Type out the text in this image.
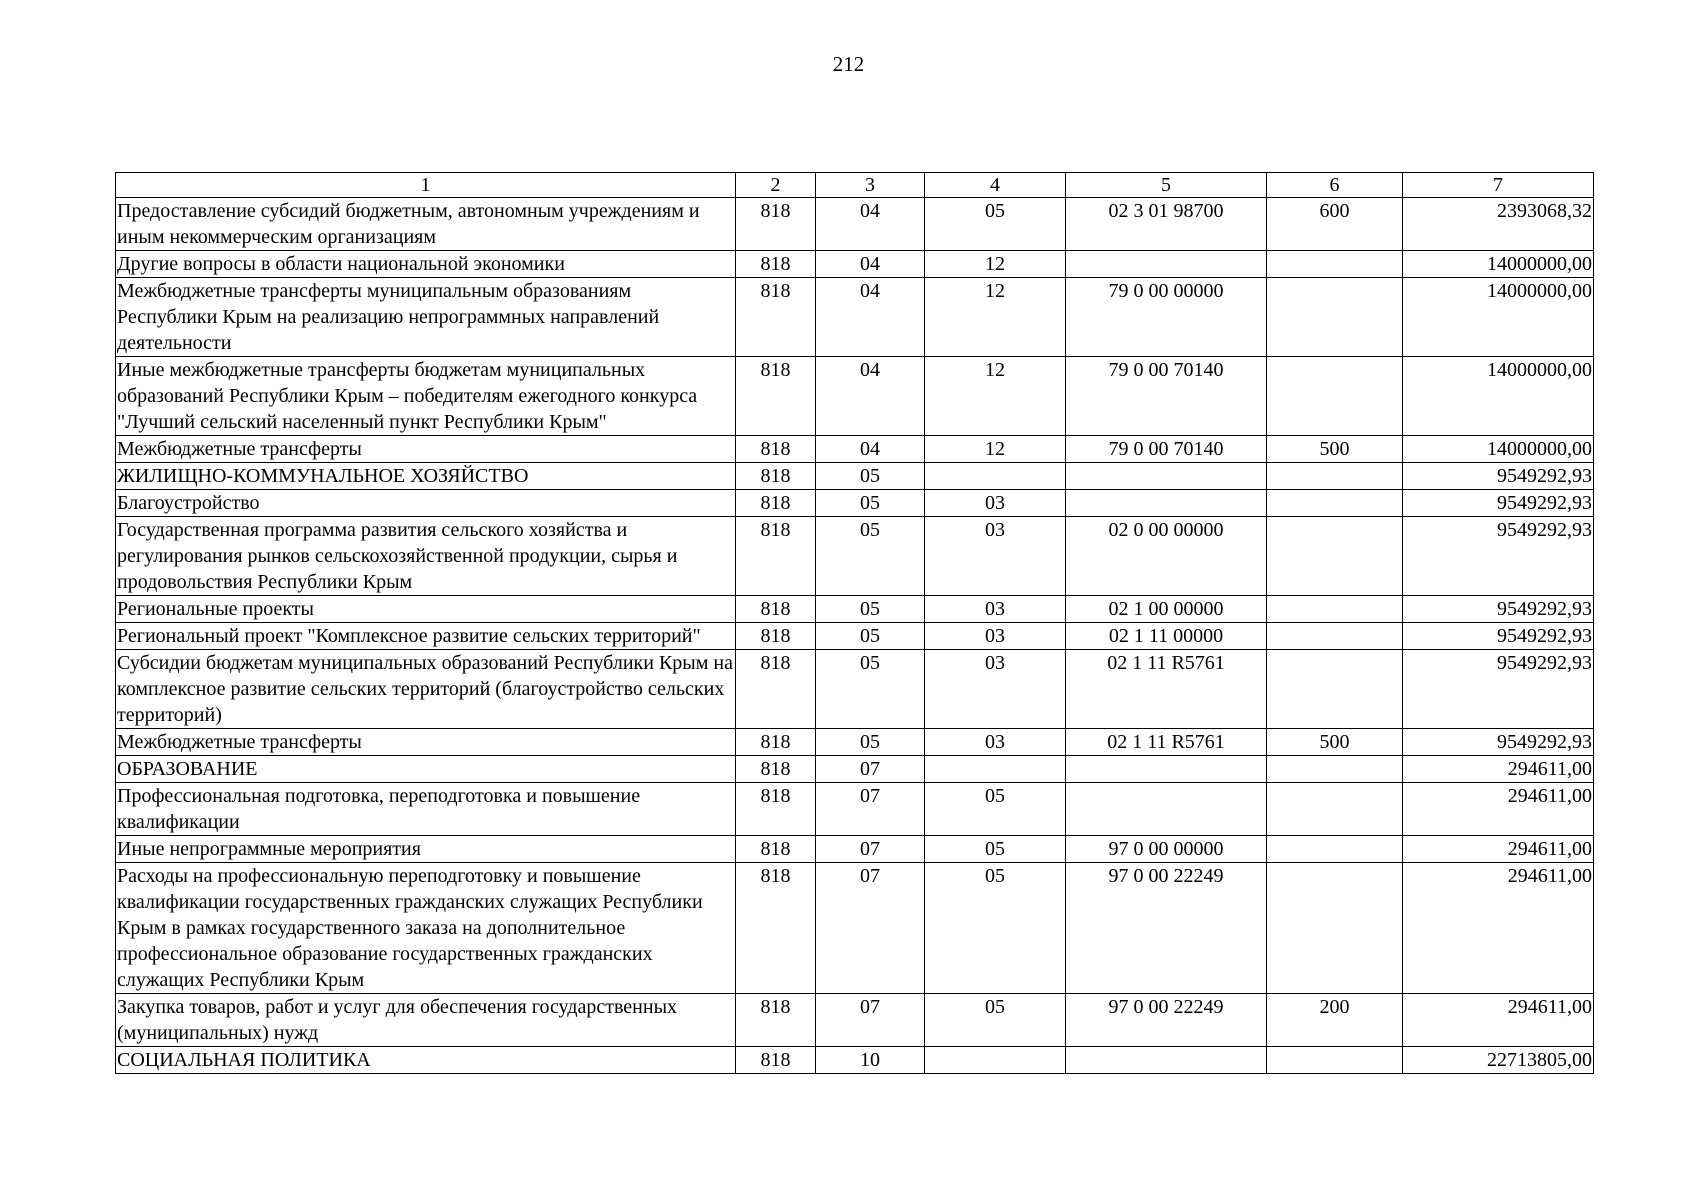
212
1	2	3	4	5	6	7
Предоставление субсидий бюджетным, автономным учреждениям и иным некоммерческим организациям	818	04	05	02 3 01 98700	600	2393068,32
Другие вопросы в области национальной экономики	818	04	12			14000000,00
Межбюджетные трансферты муниципальным образованиям Республики Крым на реализацию непрограммных направлений деятельности	818	04	12	79 0 00 00000		14000000,00
Иные межбюджетные трансферты бюджетам муниципальных образований Республики Крым – победителям ежегодного конкурса "Лучший сельский населенный пункт Республики Крым"	818	04	12	79 0 00 70140		14000000,00
Межбюджетные трансферты	818	04	12	79 0 00 70140	500	14000000,00
ЖИЛИЩНО-КОММУНАЛЬНОЕ ХОЗЯЙСТВО	818	05				9549292,93
Благоустройство	818	05	03			9549292,93
Государственная программа развития сельского хозяйства и регулирования рынков сельскохозяйственной продукции, сырья и продовольствия Республики Крым	818	05	03	02 0 00 00000		9549292,93
Региональные проекты	818	05	03	02 1 00 00000		9549292,93
Региональный проект "Комплексное развитие сельских территорий"	818	05	03	02 1 11 00000		9549292,93
Субсидии бюджетам муниципальных образований Республики Крым на комплексное развитие сельских территорий (благоустройство сельских территорий)	818	05	03	02 1 11 R5761		9549292,93
Межбюджетные трансферты	818	05	03	02 1 11 R5761	500	9549292,93
ОБРАЗОВАНИЕ	818	07				294611,00
Профессиональная подготовка, переподготовка и повышение квалификации	818	07	05			294611,00
Иные непрограммные мероприятия	818	07	05	97 0 00 00000		294611,00
Расходы на профессиональную переподготовку и повышение квалификации государственных гражданских служащих Республики Крым в рамках государственного заказа на дополнительное профессиональное образование государственных гражданских служащих Республики Крым	818	07	05	97 0 00 22249		294611,00
Закупка товаров, работ и услуг для обеспечения государственных (муниципальных) нужд	818	07	05	97 0 00 22249	200	294611,00
СОЦИАЛЬНАЯ ПОЛИТИКА	818	10				22713805,00
